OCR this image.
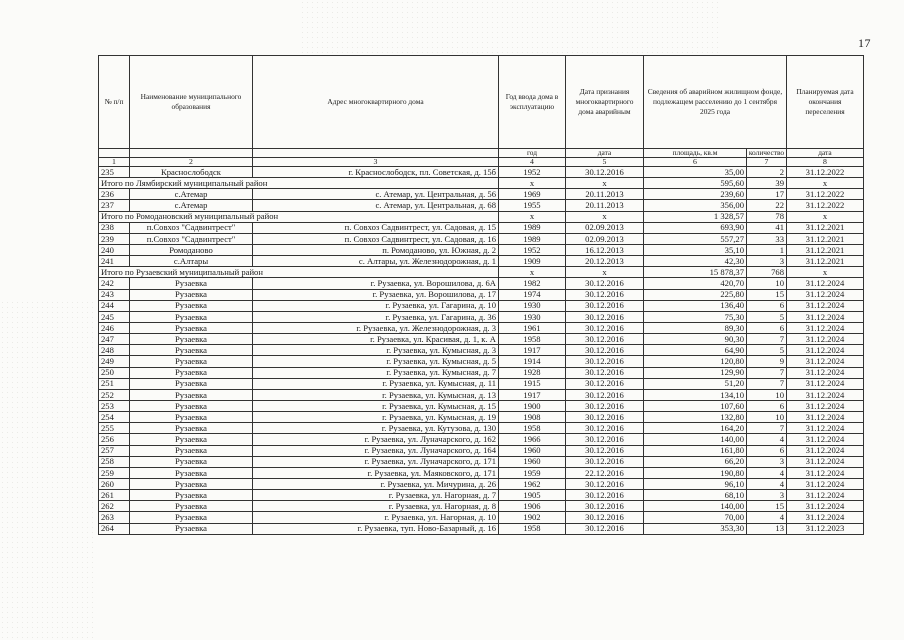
17
№ п/п	Наименование муниципального образования	Адрес многоквартирного дома	Год ввода дома в эксплуатацию	Дата признания многоквартирного дома аварийным	Сведения об аварийном жилищном фонде, подлежащем расселению до 1 сентября 2025 года		Планируемая дата окончания переселения
			год	дата	площадь, кв.м	количество	дата
1	2	3	4	5	6	7	8
235	Краснослободск	г. Краснослободск, пл. Советская, д. 15б	1952	30.12.2016	35,00	2	31.12.2022
Итого по Лямбирский муниципальный район			x	x	595,60	39	x
236	с.Атемар	с. Атемар, ул. Центральная, д. 56	1969	20.11.2013	239,60	17	31.12.2022
237	с.Атемар	с. Атемар, ул. Центральная, д. 68	1955	20.11.2013	356,00	22	31.12.2022
Итого по Ромодановский муниципальный район			x	x	1 328,57	78	x
238	п.Совхоз "Садвинтрест"	п. Совхоз Садвинтрест, ул. Садовая, д. 15	1989	02.09.2013	693,90	41	31.12.2021
239	п.Совхоз "Садвинтрест"	п. Совхоз Садвинтрест, ул. Садовая, д. 16	1989	02.09.2013	557,27	33	31.12.2021
240	Ромоданово	п. Ромоданово, ул. Южная, д. 2	1952	16.12.2013	35,10	1	31.12.2021
241	с.Алтары	с. Алтары, ул. Железнодорожная, д. 1	1909	20.12.2013	42,30	3	31.12.2021
Итого по Рузаевский муниципальный район			x	x	15 878,37	768	x
242	Рузаевка	г. Рузаевка, ул. Ворошилова, д. 6А	1982	30.12.2016	420,70	10	31.12.2024
243	Рузаевка	г. Рузаевка, ул. Ворошилова, д. 17	1974	30.12.2016	225,80	15	31.12.2024
244	Рузаевка	г. Рузаевка, ул. Гагарина, д. 10	1930	30.12.2016	136,40	6	31.12.2024
245	Рузаевка	г. Рузаевка, ул. Гагарина, д. 36	1930	30.12.2016	75,30	5	31.12.2024
246	Рузаевка	г. Рузаевка, ул. Железнодорожная, д. 3	1961	30.12.2016	89,30	6	31.12.2024
247	Рузаевка	г. Рузаевка, ул. Красивая, д. 1, к. А	1958	30.12.2016	90,30	7	31.12.2024
248	Рузаевка	г. Рузаевка, ул. Кумысная, д. 3	1917	30.12.2016	64,90	5	31.12.2024
249	Рузаевка	г. Рузаевка, ул. Кумысная, д. 5	1914	30.12.2016	120,80	9	31.12.2024
250	Рузаевка	г. Рузаевка, ул. Кумысная, д. 7	1928	30.12.2016	129,90	7	31.12.2024
251	Рузаевка	г. Рузаевка, ул. Кумысная, д. 11	1915	30.12.2016	51,20	7	31.12.2024
252	Рузаевка	г. Рузаевка, ул. Кумысная, д. 13	1917	30.12.2016	134,10	10	31.12.2024
253	Рузаевка	г. Рузаевка, ул. Кумысная, д. 15	1900	30.12.2016	107,60	6	31.12.2024
254	Рузаевка	г. Рузаевка, ул. Кумысная, д. 19	1908	30.12.2016	132,80	10	31.12.2024
255	Рузаевка	г. Рузаевка, ул. Кутузова, д. 130	1958	30.12.2016	164,20	7	31.12.2024
256	Рузаевка	г. Рузаевка, ул. Луначарского, д. 162	1966	30.12.2016	140,00	4	31.12.2024
257	Рузаевка	г. Рузаевка, ул. Луначарского, д. 164	1960	30.12.2016	161,80	6	31.12.2024
258	Рузаевка	г. Рузаевка, ул. Луначарского, д. 171	1960	30.12.2016	66,20	3	31.12.2024
259	Рузаевка	г. Рузаевка, ул. Маяковского, д. 171	1959	22.12.2016	190,80	4	31.12.2024
260	Рузаевка	г. Рузаевка, ул. Мичурина, д. 26	1962	30.12.2016	96,10	4	31.12.2024
261	Рузаевка	г. Рузаевка, ул. Нагорная, д. 7	1905	30.12.2016	68,10	3	31.12.2024
262	Рузаевка	г. Рузаевка, ул. Нагорная, д. 8	1906	30.12.2016	140,00	15	31.12.2024
263	Рузаевка	г. Рузаевка, ул. Нагорная, д. 10	1902	30.12.2016	70,00	4	31.12.2024
264	Рузаевка	г. Рузаевка, туп. Ново-Базарный, д. 16	1958	30.12.2016	353,30	13	31.12.2023
